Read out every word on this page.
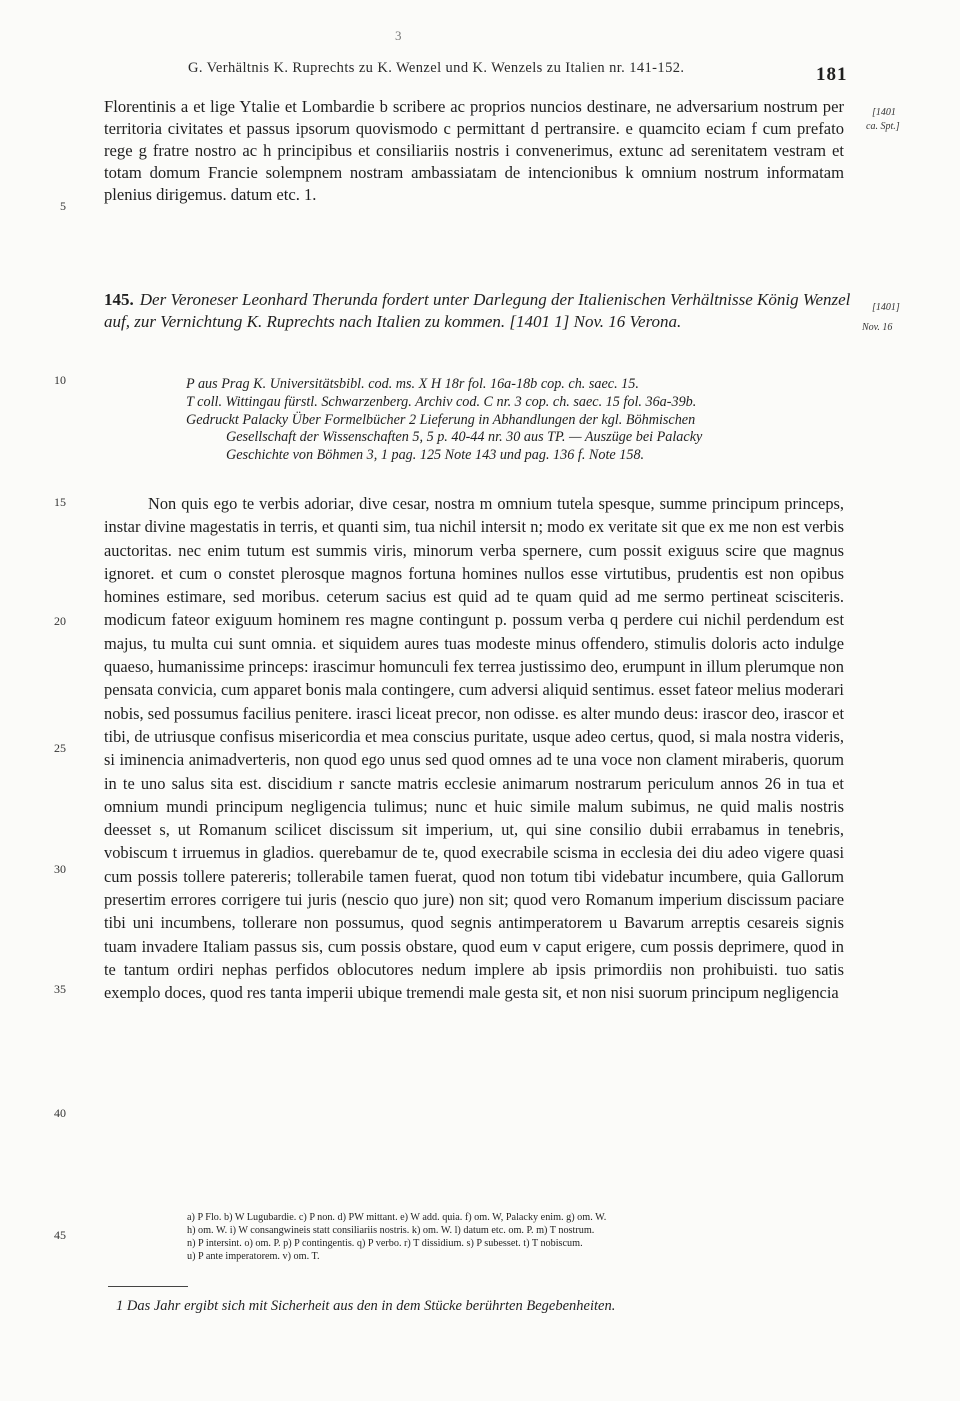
3
G. Verhältnis K. Ruprechts zu K. Wenzel und K. Wenzels zu Italien nr. 141-152.	181
[1401
ca. Spt.]
[1401]
Nov. 16
5
10
15
20
25
30
35
40
45
Florentinis a et lige Ytalie et Lombardie b scribere ac proprios nuncios destinare, ne adversarium nostrum per territoria civitates et passus ipsorum quovismodo c permittant d pertransire. e quamcito eciam f cum prefato rege g fratre nostro ac h principibus et consiliariis nostris i convenerimus, extunc ad serenitatem vestram et totam domum Francie solempnem nostram ambassiatam de intencionibus k omnium nostrum informatam plenius dirigemus. datum etc. 1.
145. Der Veroneser Leonhard Therunda fordert unter Darlegung der Italienischen Verhältnisse König Wenzel auf, zur Vernichtung K. Ruprechts nach Italien zu kommen. [1401 1] Nov. 16 Verona.
P aus Prag K. Universitätsbibl. cod. ms. X H 18r fol. 16a-18b cop. ch. saec. 15.
T coll. Wittingau fürstl. Schwarzenberg. Archiv cod. C nr. 3 cop. ch. saec. 15 fol. 36a-39b.
Gedruckt Palacky Über Formelbücher 2 Lieferung in Abhandlungen der kgl. Böhmischen
Gesellschaft der Wissenschaften 5, 5 p. 40-44 nr. 30 aus TP. — Auszüge bei Palacky
Geschichte von Böhmen 3, 1 pag. 125 Note 143 und pag. 136 f. Note 158.
Non quis ego te verbis adoriar, dive cesar, nostra m omnium tutela spesque, summe principum princeps, instar divine magestatis in terris, et quanti sim, tua nichil intersit n; modo ex veritate sit que ex me non est verbis auctoritas. nec enim tutum est summis viris, minorum verba spernere, cum possit exiguus scire que magnus ignoret. et cum o constet plerosque magnos fortuna homines nullos esse virtutibus, prudentis est non opibus homines estimare, sed moribus. ceterum sacius est quid ad te quam quid ad me sermo pertineat scisciteris. modicum fateor exiguum hominem res magne contingunt p. possum verba q perdere cui nichil perdendum est majus, tu multa cui sunt omnia. et siquidem aures tuas modeste minus offendero, stimulis doloris acto indulge quaeso, humanissime princeps: irascimur homunculi fex terrea justissimo deo, erumpunt in illum plerumque non pensata convicia, cum apparet bonis mala contingere, cum adversi aliquid sentimus. esset fateor melius moderari nobis, sed possumus facilius penitere. irasci liceat precor, non odisse. es alter mundo deus: irascor deo, irascor et tibi, de utriusque confisus misericordia et mea conscius puritate, usque adeo certus, quod, si mala nostra videris, si iminencia animadverteris, non quod ego unus sed quod omnes ad te una voce non clament miraberis, quorum in te uno salus sita est. discidium r sancte matris ecclesie animarum nostrarum periculum annos 26 in tua et omnium mundi principum negligencia tulimus; nunc et huic simile malum subimus, ne quid malis nostris deesset s, ut Romanum scilicet discissum sit imperium, ut, qui sine consilio dubii errabamus in tenebris, vobiscum t irruemus in gladios. querebamur de te, quod execrabile scisma in ecclesia dei diu adeo vigere quasi cum possis tollere patereris; tollerabile tamen fuerat, quod non totum tibi videbatur incumbere, quia Gallorum presertim errores corrigere tui juris (nescio quo jure) non sit; quod vero Romanum imperium discissum paciare tibi uni incumbens, tollerare non possumus, quod segnis antimperatorem u Bavarum arreptis cesareis signis tuam invadere Italiam passus sis, cum possis obstare, quod eum v caput erigere, cum possis deprimere, quod in te tantum ordiri nephas perfidos oblocutores nedum implere ab ipsis primordiis non prohibuisti. tuo satis exemplo doces, quod res tanta imperii ubique tremendi male gesta sit, et non nisi suorum principum negligencia
a) P Flo. b) W Lugubardie. c) P non. d) PW mittant. e) W add. quia. f) om. W, Palacky enim. g) om. W.
h) om. W. i) W consangwineis statt consiliariis nostris. k) om. W. l) datum etc. om. P. m) T nostrum.
n) P intersint. o) om. P. p) P contingentis. q) P verbo. r) T dissidium. s) P subesset. t) T nobiscum.
u) P ante imperatorem. v) om. T.
1 Das Jahr ergibt sich mit Sicherheit aus den in dem Stücke berührten Begebenheiten.
